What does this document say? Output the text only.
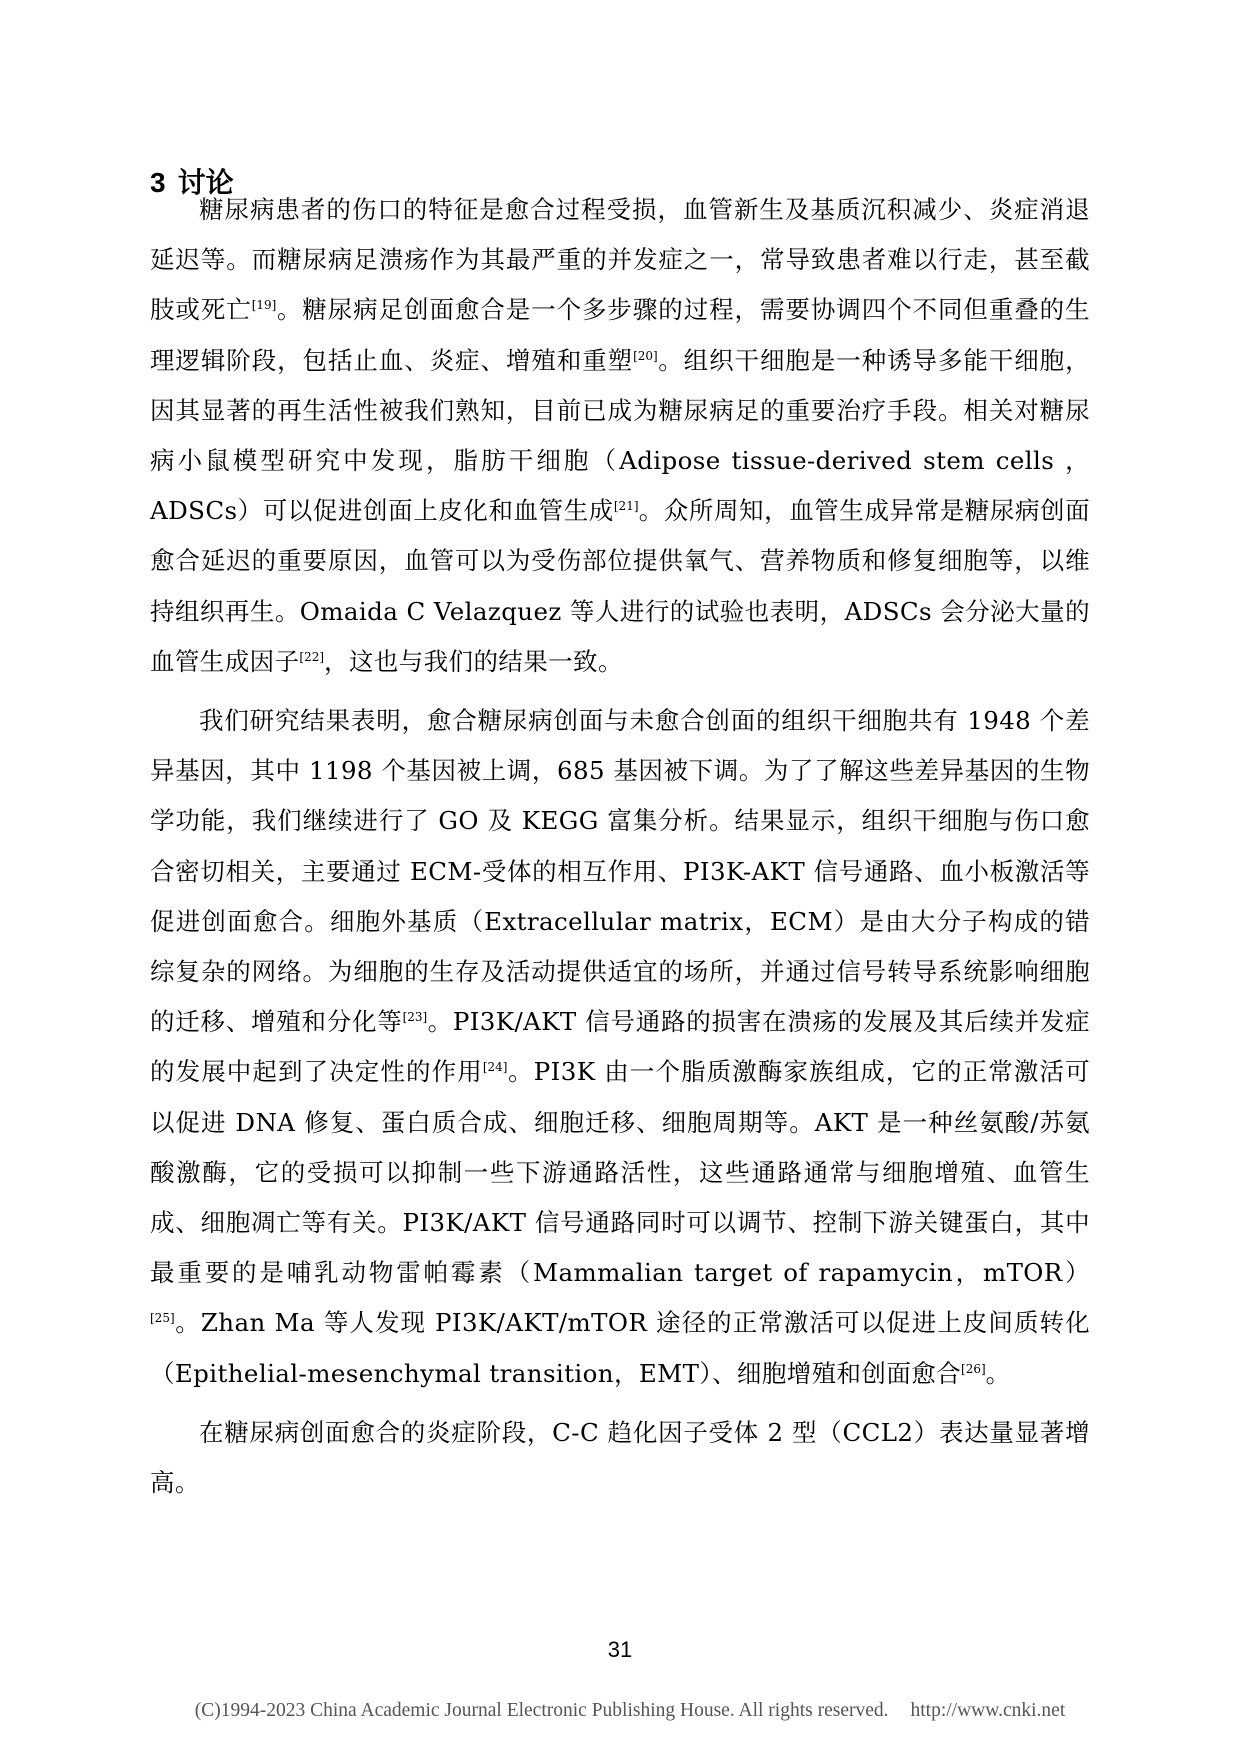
3 讨论

糖尿病患者的伤口的特征是愈合过程受损，血管新生及基质沉积减少、炎症消退延迟等。而糖尿病足溃疡作为其最严重的并发症之一，常导致患者难以行走，甚至截肢或死亡[19]。糖尿病足创面愈合是一个多步骤的过程，需要协调四个不同但重叠的生理逻辑阶段，包括止血、炎症、增殖和重塑[20]。组织干细胞是一种诱导多能干细胞，因其显著的再生活性被我们熟知，目前已成为糖尿病足的重要治疗手段。相关对糖尿病小鼠模型研究中发现，脂肪干细胞（Adipose tissue-derived stem cells ，ADSCs）可以促进创面上皮化和血管生成[21]。众所周知，血管生成异常是糖尿病创面愈合延迟的重要原因，血管可以为受伤部位提供氧气、营养物质和修复细胞等，以维持组织再生。Omaida C Velazquez 等人进行的试验也表明，ADSCs 会分泌大量的血管生成因子[22]，这也与我们的结果一致。

我们研究结果表明，愈合糖尿病创面与未愈合创面的组织干细胞共有 1948 个差异基因，其中 1198 个基因被上调，685 基因被下调。为了了解这些差异基因的生物学功能，我们继续进行了 GO 及 KEGG 富集分析。结果显示，组织干细胞与伤口愈合密切相关，主要通过 ECM-受体的相互作用、PI3K-AKT 信号通路、血小板激活等促进创面愈合。细胞外基质（Extracellular matrix，ECM）是由大分子构成的错综复杂的网络。为细胞的生存及活动提供适宜的场所，并通过信号转导系统影响细胞的迁移、增殖和分化等[23]。PI3K/AKT 信号通路的损害在溃疡的发展及其后续并发症的发展中起到了决定性的作用[24]。PI3K 由一个脂质激酶家族组成，它的正常激活可以促进 DNA 修复、蛋白质合成、细胞迁移、细胞周期等。AKT 是一种丝氨酸/苏氨酸激酶，它的受损可以抑制一些下游通路活性，这些通路通常与细胞增殖、血管生成、细胞凋亡等有关。PI3K/AKT 信号通路同时可以调节、控制下游关键蛋白，其中最重要的是哺乳动物雷帕霉素（Mammalian target of rapamycin，mTOR）[25]。Zhan Ma 等人发现 PI3K/AKT/mTOR 途径的正常激活可以促进上皮间质转化（Epithelial-mesenchymal transition，EMT）、细胞增殖和创面愈合[26]。

在糖尿病创面愈合的炎症阶段，C-C 趋化因子受体 2 型（CCL2）表达量显著增高。

31
(C)1994-2023 China Academic Journal Electronic Publishing House. All rights reserved. http://www.cnki.net
